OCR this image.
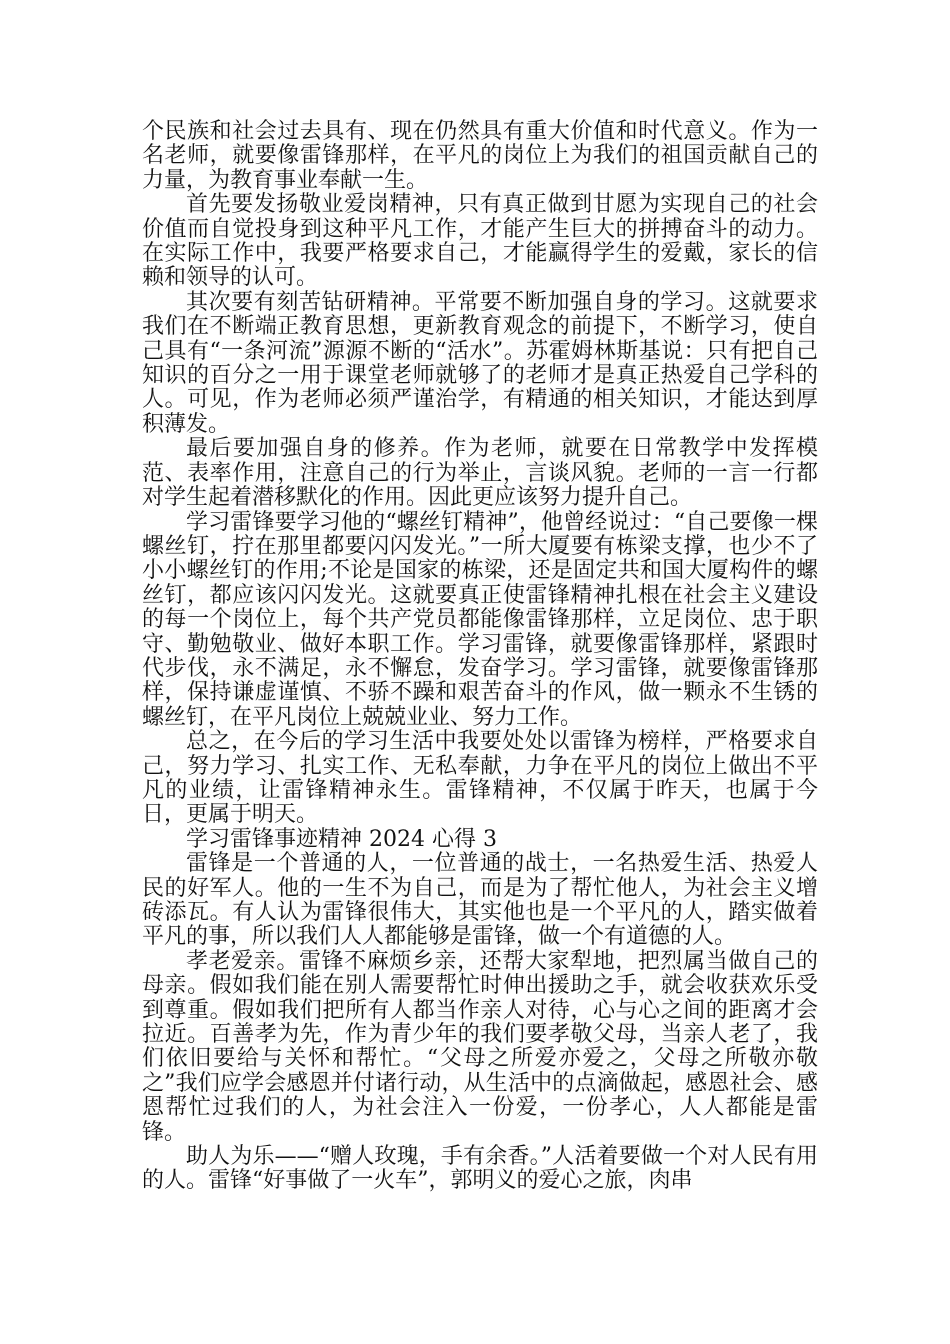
个民族和社会过去具有、现在仍然具有重大价值和时代意义。作为一名老师，就要像雷锋那样，在平凡的岗位上为我们的祖国贡献自己的力量，为教育事业奉献一生。

首先要发扬敬业爱岗精神，只有真正做到甘愿为实现自己的社会价值而自觉投身到这种平凡工作，才能产生巨大的拼搏奋斗的动力。在实际工作中，我要严格要求自己，才能赢得学生的爱戴，家长的信赖和领导的认可。

其次要有刻苦钻研精神。平常要不断加强自身的学习。这就要求我们在不断端正教育思想，更新教育观念的前提下，不断学习，使自己具有“一条河流”源源不断的“活水”。苏霍姆林斯基说：只有把自己知识的百分之一用于课堂老师就够了的老师才是真正热爱自己学科的人。可见，作为老师必须严谨治学，有精通的相关知识，才能达到厚积薄发。

最后要加强自身的修养。作为老师，就要在日常教学中发挥模范、表率作用，注意自己的行为举止，言谈风貌。老师的一言一行都对学生起着潜移默化的作用。因此更应该努力提升自己。

学习雷锋要学习他的“螺丝钉精神”，他曾经说过：“自己要像一棵螺丝钉，拧在那里都要闪闪发光。”一所大厦要有栋梁支撑，也少不了小小螺丝钉的作用;不论是国家的栋梁，还是固定共和国大厦构件的螺丝钉，都应该闪闪发光。这就要真正使雷锋精神扎根在社会主义建设的每一个岗位上，每个共产党员都能像雷锋那样，立足岗位、忠于职守、勤勉敬业、做好本职工作。学习雷锋，就要像雷锋那样，紧跟时代步伐，永不满足，永不懈怠，发奋学习。学习雷锋，就要像雷锋那样，保持谦虚谨慎、不骄不躁和艰苦奋斗的作风，做一颗永不生锈的螺丝钉，在平凡岗位上兢兢业业、努力工作。

总之，在今后的学习生活中我要处处以雷锋为榜样，严格要求自己，努力学习、扎实工作、无私奉献，力争在平凡的岗位上做出不平凡的业绩，让雷锋精神永生。雷锋精神，不仅属于昨天，也属于今日，更属于明天。

学习雷锋事迹精神 2024 心得 3

雷锋是一个普通的人，一位普通的战士，一名热爱生活、热爱人民的好军人。他的一生不为自己，而是为了帮忙他人，为社会主义增砖添瓦。有人认为雷锋很伟大，其实他也是一个平凡的人，踏实做着平凡的事，所以我们人人都能够是雷锋，做一个有道德的人。

孝老爱亲。雷锋不麻烦乡亲，还帮大家犁地，把烈属当做自己的母亲。假如我们能在别人需要帮忙时伸出援助之手，就会收获欢乐受到尊重。假如我们把所有人都当作亲人对待，心与心之间的距离才会拉近。百善孝为先，作为青少年的我们要孝敬父母，当亲人老了，我们依旧要给与关怀和帮忙。“父母之所爱亦爱之，父母之所敬亦敬之”我们应学会感恩并付诸行动，从生活中的点滴做起，感恩社会、感恩帮忙过我们的人，为社会注入一份爱，一份孝心，人人都能是雷锋。

助人为乐——“赠人玫瑰，手有余香。”人活着要做一个对人民有用的人。雷锋“好事做了一火车”，郭明义的爱心之旅，肉串
